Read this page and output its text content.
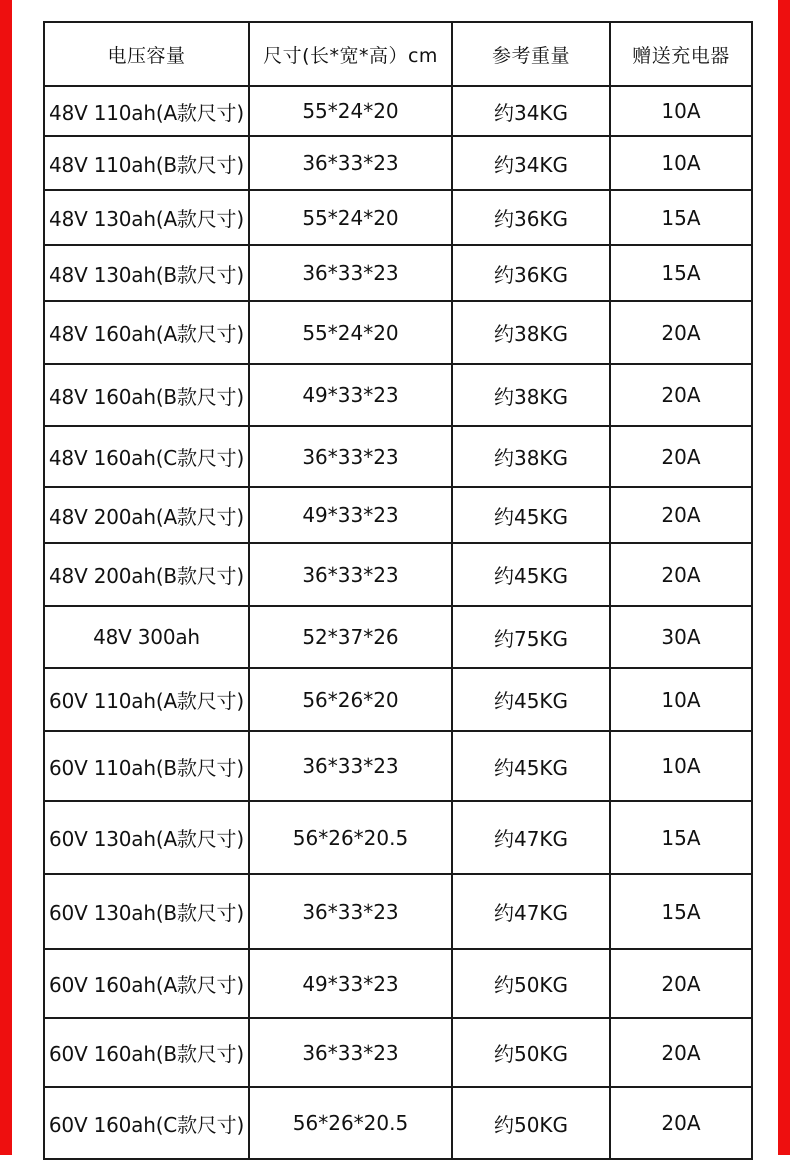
电压容量	尺寸(长*宽*高）cm	参考重量	赠送充电器
48V 110ah(A款尺寸)	55*24*20	约34KG	10A
48V 110ah(B款尺寸)	36*33*23	约34KG	10A
48V 130ah(A款尺寸)	55*24*20	约36KG	15A
48V 130ah(B款尺寸)	36*33*23	约36KG	15A
48V 160ah(A款尺寸)	55*24*20	约38KG	20A
48V 160ah(B款尺寸)	49*33*23	约38KG	20A
48V 160ah(C款尺寸)	36*33*23	约38KG	20A
48V 200ah(A款尺寸)	49*33*23	约45KG	20A
48V 200ah(B款尺寸)	36*33*23	约45KG	20A
48V 300ah	52*37*26	约75KG	30A
60V 110ah(A款尺寸)	56*26*20	约45KG	10A
60V 110ah(B款尺寸)	36*33*23	约45KG	10A
60V 130ah(A款尺寸)	56*26*20.5	约47KG	15A
60V 130ah(B款尺寸)	36*33*23	约47KG	15A
60V 160ah(A款尺寸)	49*33*23	约50KG	20A
60V 160ah(B款尺寸)	36*33*23	约50KG	20A
60V 160ah(C款尺寸)	56*26*20.5	约50KG	20A
